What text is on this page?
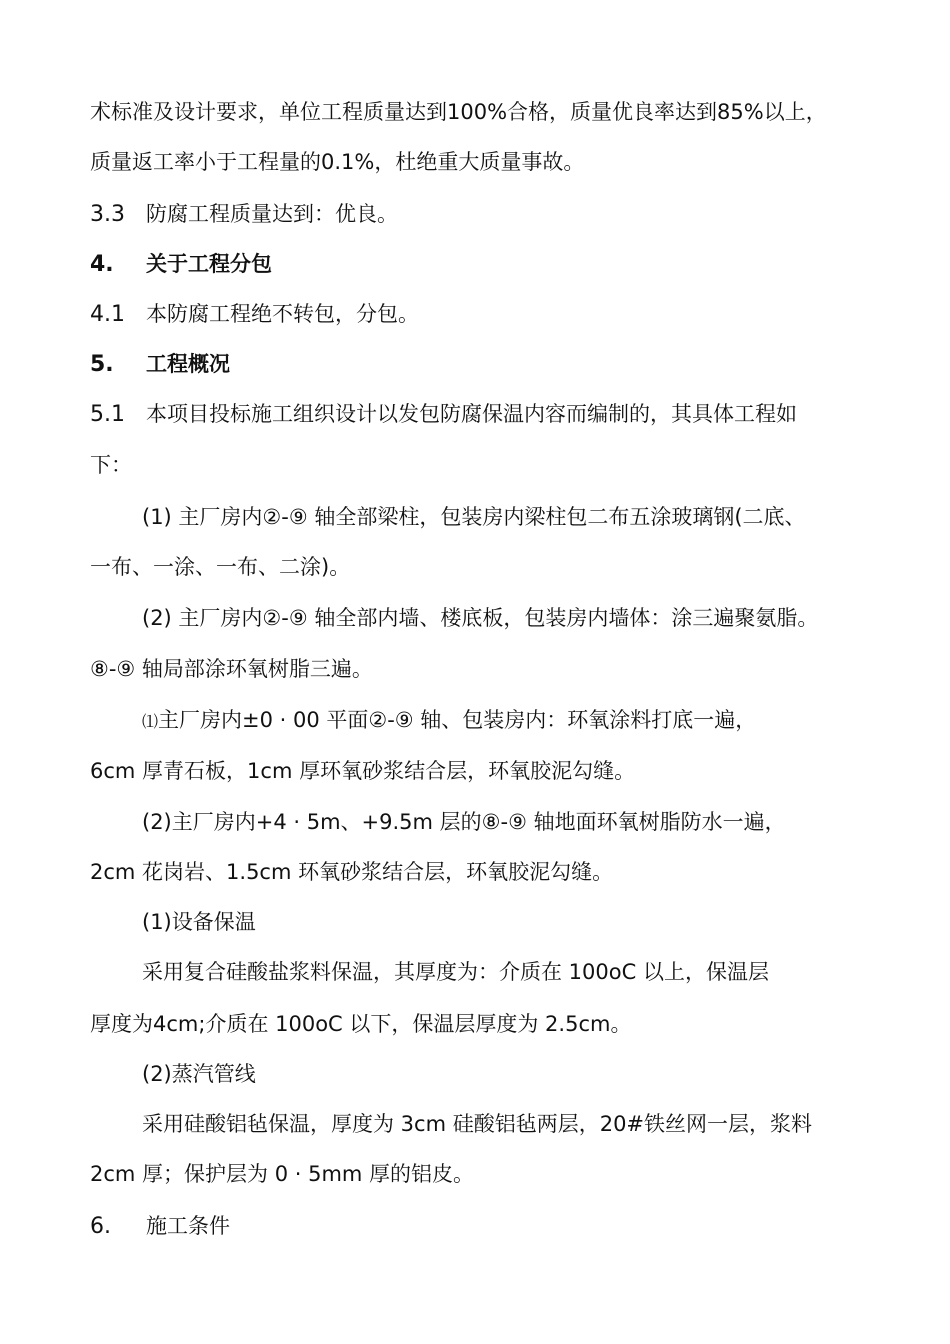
术标准及设计要求，单位工程质量达到100%合格，质量优良率达到85%以上，
质量返工率小于工程量的0.1%，杜绝重大质量事故。
3.3 防腐工程质量达到：优良。
4. 关于工程分包
4.1 本防腐工程绝不转包，分包。
5. 工程概况
5.1 本项目投标施工组织设计以发包防腐保温内容而编制的，其具体工程如
下：
(1) 主厂房内②-⑨ 轴全部梁柱，包装房内梁柱包二布五涂玻璃钢(二底、
一布、一涂、一布、二涂)。
(2) 主厂房内②-⑨ 轴全部内墙、楼底板，包装房内墙体：涂三遍聚氨脂。
⑧-⑨ 轴局部涂环氧树脂三遍。
⑴主厂房内±0 · 00 平面②-⑨ 轴、包装房内：环氧涂料打底一遍，
6cm 厚青石板，1cm 厚环氧砂浆结合层，环氧胶泥勾缝。
(2)主厂房内+4 · 5m、+9.5m 层的⑧-⑨ 轴地面环氧树脂防水一遍，
2cm 花岗岩、1.5cm 环氧砂浆结合层，环氧胶泥勾缝。
(1)设备保温
采用复合硅酸盐浆料保温，其厚度为：介质在 100oC 以上，保温层
厚度为4cm;介质在 100oC 以下，保温层厚度为 2.5cm。
(2)蒸汽管线
采用硅酸铝毡保温，厚度为 3cm 硅酸铝毡两层，20#铁丝网一层，浆料
2cm 厚；保护层为 0 · 5mm 厚的铝皮。
6. 施工条件
